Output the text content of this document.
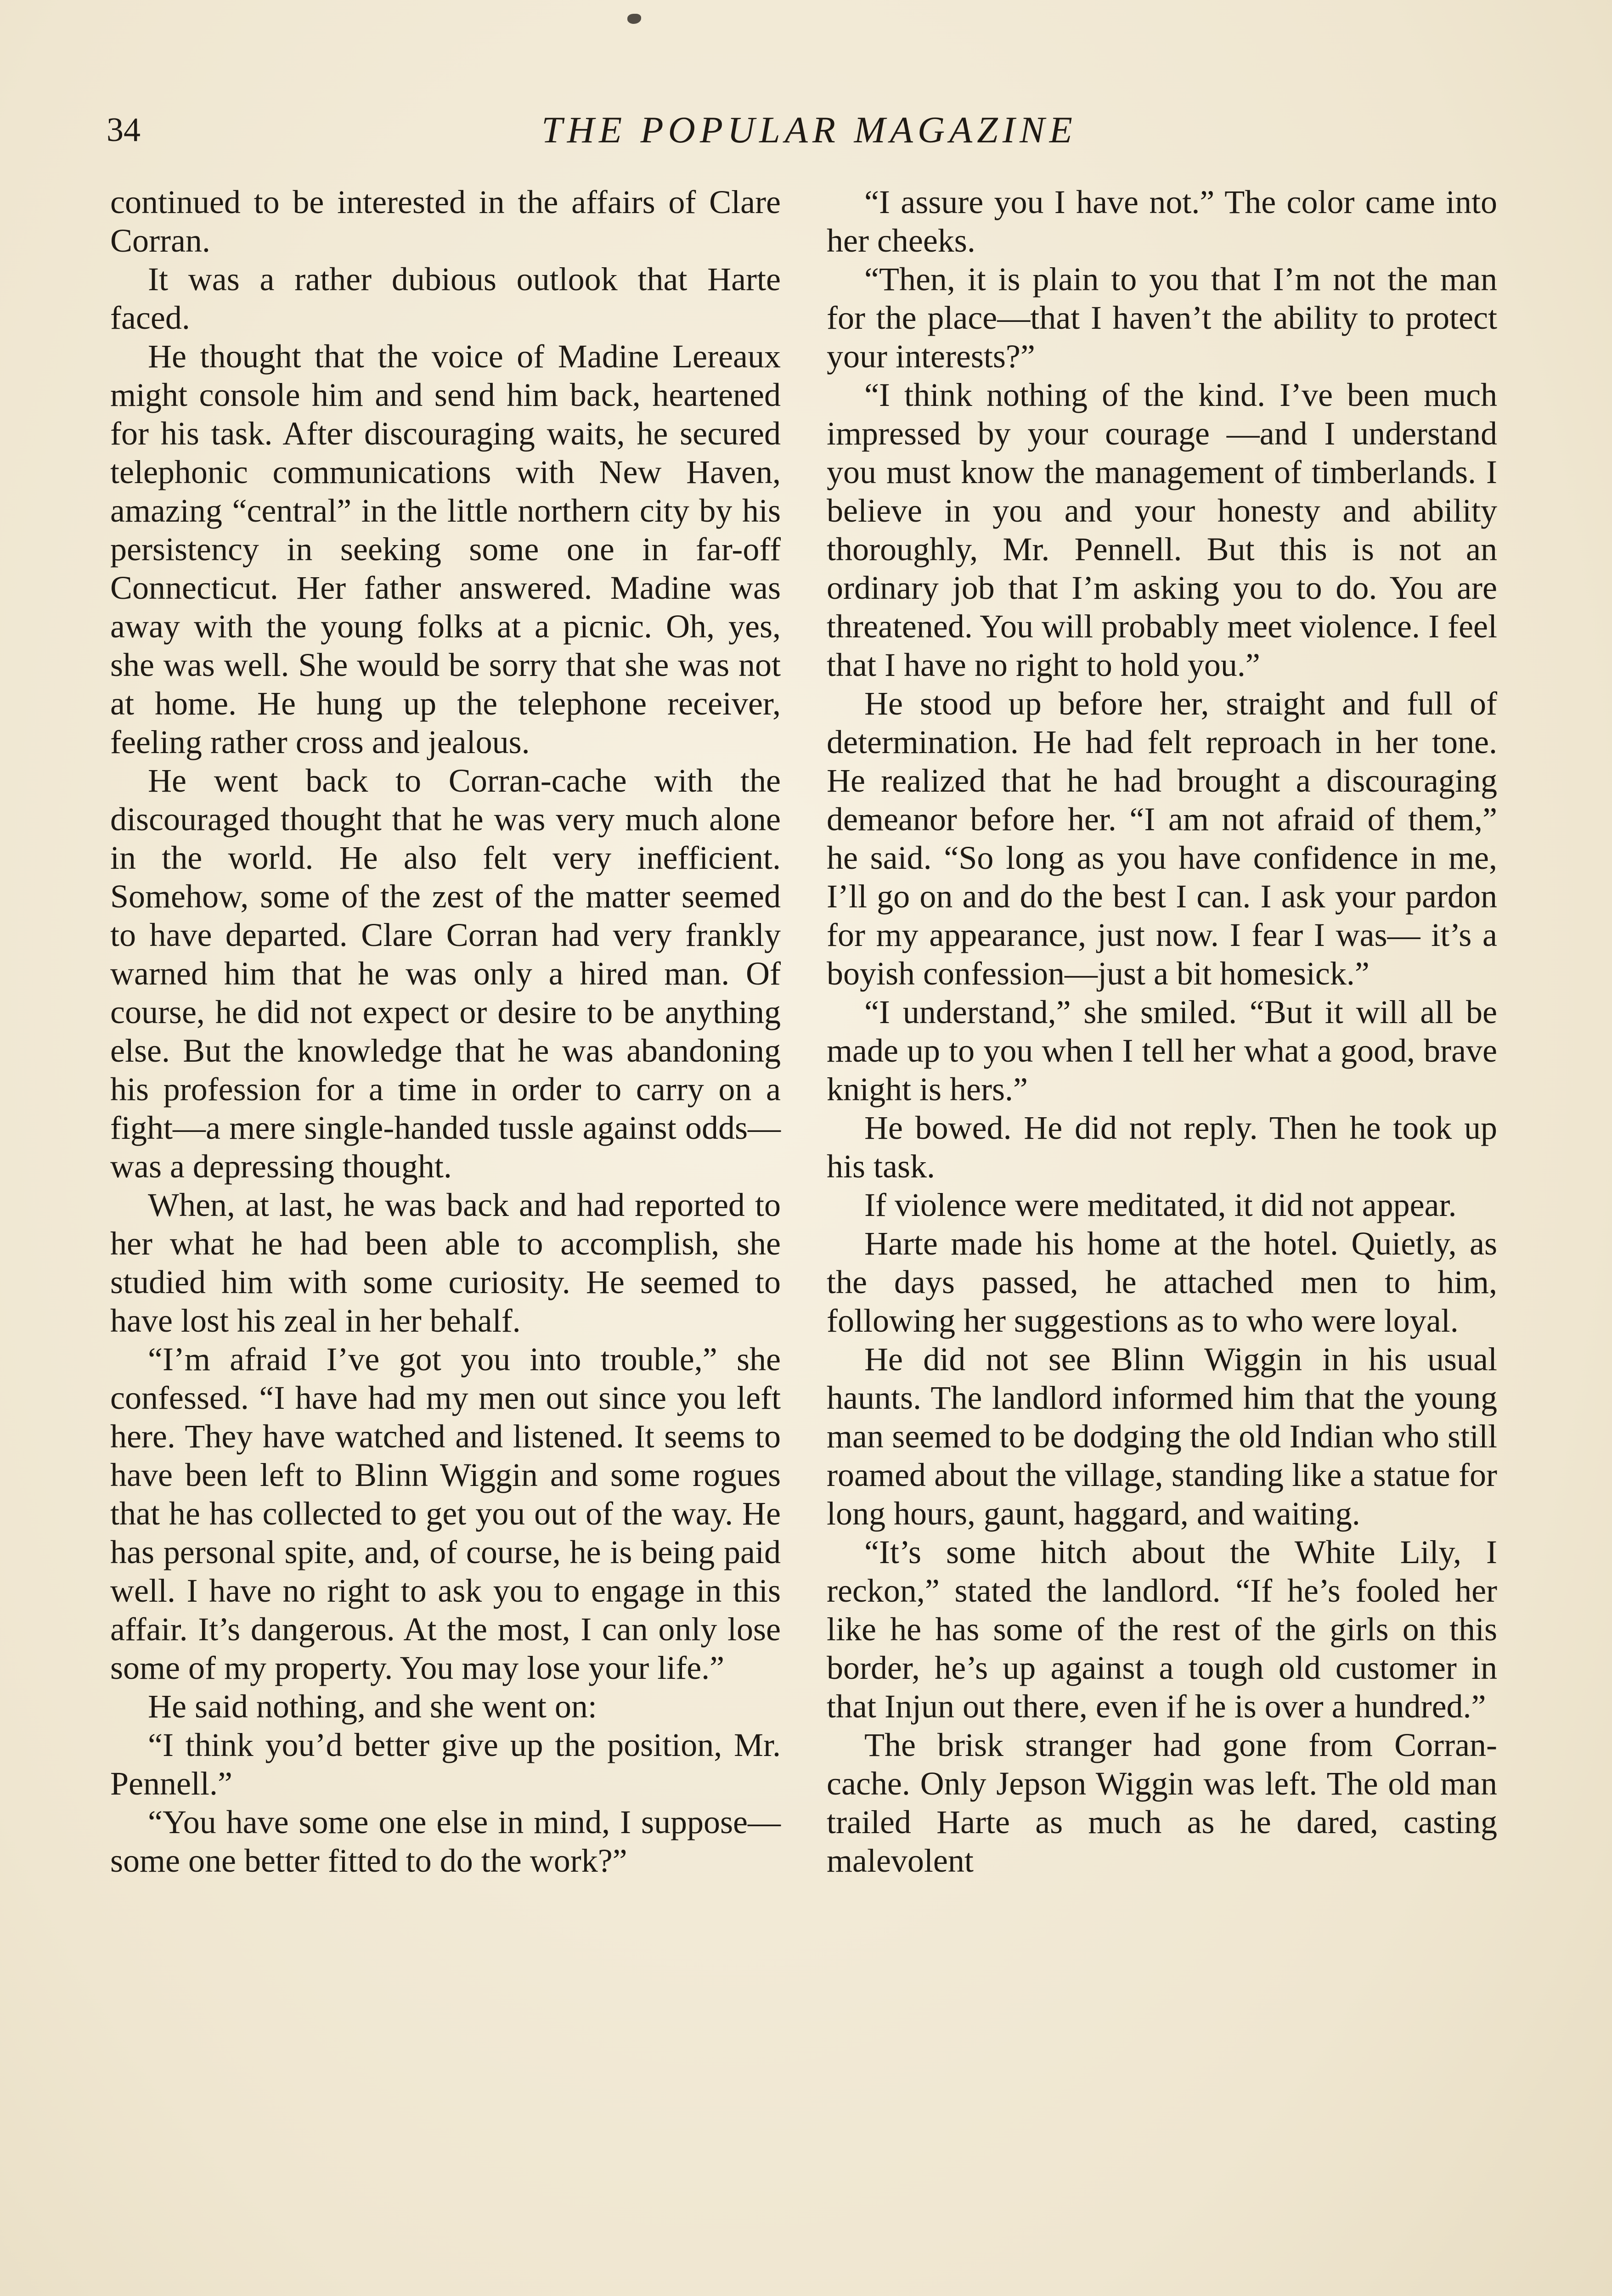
34	THE POPULAR MAGAZINE

continued to be interested in the affairs of Clare Corran.

It was a rather dubious outlook that Harte faced.

He thought that the voice of Madine Lereaux might console him and send him back, heartened for his task. After discouraging waits, he secured telephonic communications with New Haven, amazing “central” in the little northern city by his persistency in seeking some one in far-off Connecticut. Her father answered. Madine was away with the young folks at a picnic. Oh, yes, she was well. She would be sorry that she was not at home. He hung up the telephone receiver, feeling rather cross and jealous.

He went back to Corran-cache with the discouraged thought that he was very much alone in the world. He also felt very inefficient. Somehow, some of the zest of the matter seemed to have departed. Clare Corran had very frankly warned him that he was only a hired man. Of course, he did not expect or desire to be anything else. But the knowledge that he was abandoning his profession for a time in order to carry on a fight—a mere single-handed tussle against odds—was a depressing thought.

When, at last, he was back and had reported to her what he had been able to accomplish, she studied him with some curiosity. He seemed to have lost his zeal in her behalf.

“I’m afraid I’ve got you into trouble,” she confessed. “I have had my men out since you left here. They have watched and listened. It seems to have been left to Blinn Wiggin and some rogues that he has collected to get you out of the way. He has personal spite, and, of course, he is being paid well. I have no right to ask you to engage in this affair. It’s dangerous. At the most, I can only lose some of my property. You may lose your life.”

He said nothing, and she went on:

“I think you’d better give up the position, Mr. Pennell.”

“You have some one else in mind, I suppose—some one better fitted to do the work?”

“I assure you I have not.” The color came into her cheeks.

“Then, it is plain to you that I’m not the man for the place—that I haven’t the ability to protect your interests?”

“I think nothing of the kind. I’ve been much impressed by your courage —and I understand you must know the management of timberlands. I believe in you and your honesty and ability thoroughly, Mr. Pennell. But this is not an ordinary job that I’m asking you to do. You are threatened. You will probably meet violence. I feel that I have no right to hold you.”

He stood up before her, straight and full of determination. He had felt reproach in her tone. He realized that he had brought a discouraging demeanor before her. “I am not afraid of them,” he said. “So long as you have confidence in me, I’ll go on and do the best I can. I ask your pardon for my appearance, just now. I fear I was— it’s a boyish confession—just a bit homesick.”

“I understand,” she smiled. “But it will all be made up to you when I tell her what a good, brave knight is hers.”

He bowed. He did not reply. Then he took up his task.

If violence were meditated, it did not appear.

Harte made his home at the hotel. Quietly, as the days passed, he attached men to him, following her suggestions as to who were loyal.

He did not see Blinn Wiggin in his usual haunts. The landlord informed him that the young man seemed to be dodging the old Indian who still roamed about the village, standing like a statue for long hours, gaunt, haggard, and waiting.

“It’s some hitch about the White Lily, I reckon,” stated the landlord. “If he’s fooled her like he has some of the rest of the girls on this border, he’s up against a tough old customer in that Injun out there, even if he is over a hundred.”

The brisk stranger had gone from Corran-cache. Only Jepson Wiggin was left. The old man trailed Harte as much as he dared, casting malevolent
